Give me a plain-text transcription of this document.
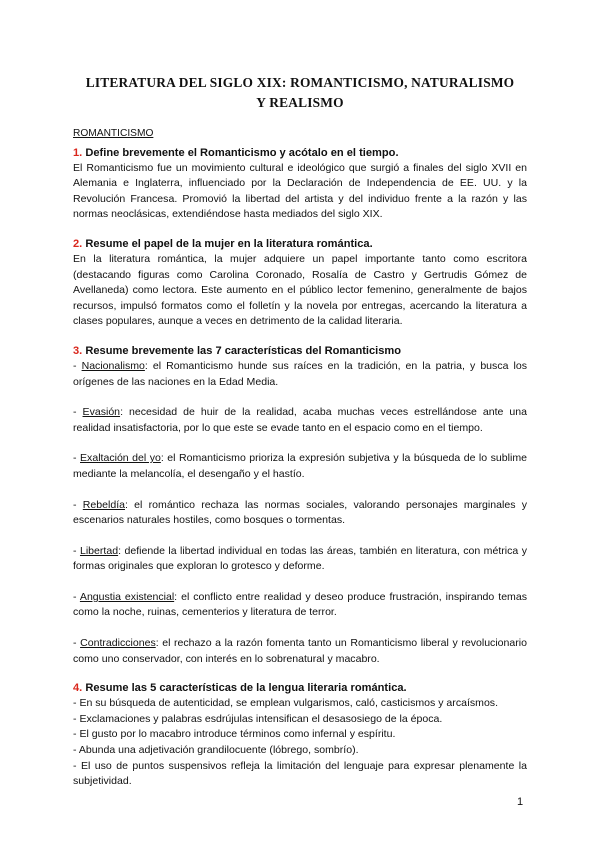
LITERATURA DEL SIGLO XIX: ROMANTICISMO, NATURALISMO Y REALISMO
ROMANTICISMO
1. Define brevemente el Romanticismo y acótalo en el tiempo.
El Romanticismo fue un movimiento cultural e ideológico que surgió a finales del siglo XVII en Alemania e Inglaterra, influenciado por la Declaración de Independencia de EE. UU. y la Revolución Francesa. Promovió la libertad del artista y del individuo frente a la razón y las normas neoclásicas, extendiéndose hasta mediados del siglo XIX.
2. Resume el papel de la mujer en la literatura romántica.
En la literatura romántica, la mujer adquiere un papel importante tanto como escritora (destacando figuras como Carolina Coronado, Rosalía de Castro y Gertrudis Gómez de Avellaneda) como lectora. Este aumento en el público lector femenino, generalmente de bajos recursos, impulsó formatos como el folletín y la novela por entregas, acercando la literatura a clases populares, aunque a veces en detrimento de la calidad literaria.
3. Resume brevemente las 7 características del Romanticismo
- Nacionalismo: el Romanticismo hunde sus raíces en la tradición, en la patria, y busca los orígenes de las naciones en la Edad Media.
- Evasión: necesidad de huir de la realidad, acaba muchas veces estrellándose ante una realidad insatisfactoria, por lo que este se evade tanto en el espacio como en el tiempo.
- Exaltación del yo: el Romanticismo prioriza la expresión subjetiva y la búsqueda de lo sublime mediante la melancolía, el desengaño y el hastío.
- Rebeldía: el romántico rechaza las normas sociales, valorando personajes marginales y escenarios naturales hostiles, como bosques o tormentas.
- Libertad: defiende la libertad individual en todas las áreas, también en literatura, con métrica y formas originales que exploran lo grotesco y deforme.
- Angustia existencial: el conflicto entre realidad y deseo produce frustración, inspirando temas como la noche, ruinas, cementerios y literatura de terror.
- Contradicciones: el rechazo a la razón fomenta tanto un Romanticismo liberal y revolucionario como uno conservador, con interés en lo sobrenatural y macabro.
4. Resume las 5 características de la lengua literaria romántica.
- En su búsqueda de autenticidad, se emplean vulgarismos, caló, casticismos y arcaísmos.
- Exclamaciones y palabras esdrújulas intensifican el desasosiego de la época.
- El gusto por lo macabro introduce términos como infernal y espíritu.
- Abunda una adjetivación grandilocuente (lóbrego, sombrío).
- El uso de puntos suspensivos refleja la limitación del lenguaje para expresar plenamente la subjetividad.
1
